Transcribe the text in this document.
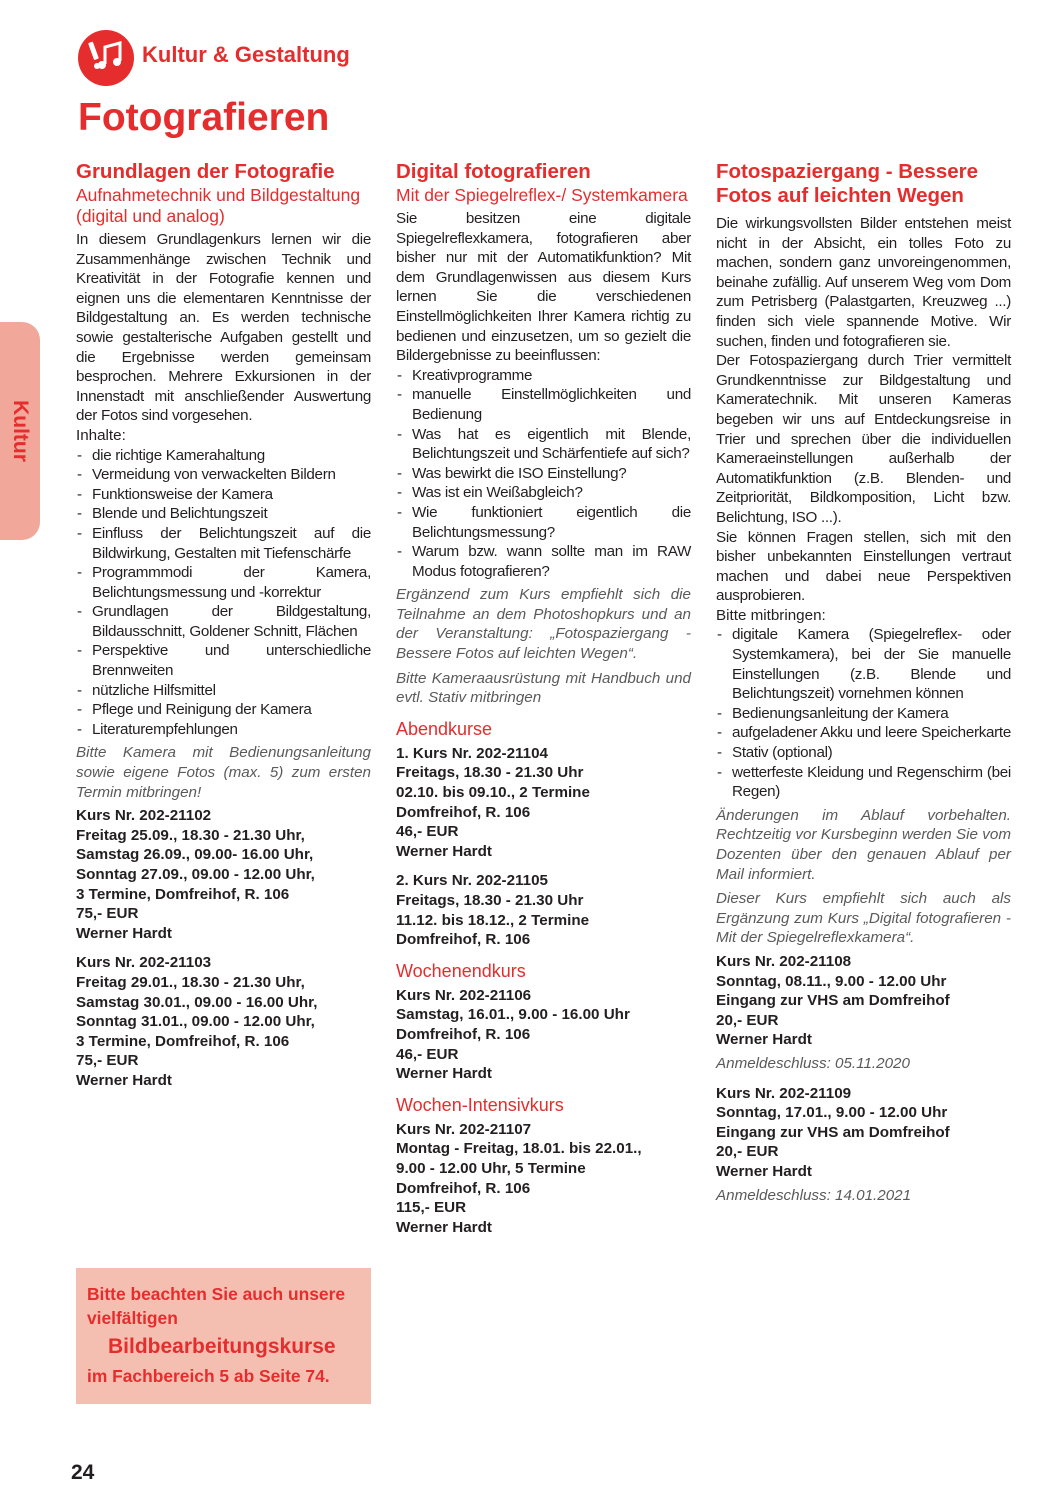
Kultur & Gestaltung
Fotografieren
Kultur
Grundlagen der Fotografie
Aufnahmetechnik und Bildgestaltung (digital und analog)

In diesem Grundlagenkurs lernen wir die Zusammenhänge zwischen Technik und Kreativität in der Fotografie kennen und eignen uns die elementaren Kenntnisse der Bildgestaltung an. Es werden technische sowie gestalterische Aufgaben gestellt und die Ergebnisse werden gemeinsam besprochen. Mehrere Exkursionen in der Innenstadt mit anschließender Auswertung der Fotos sind vorgesehen.

Inhalte:

- die richtige Kamerahaltung
- Vermeidung von verwackelten Bildern
- Funktionsweise der Kamera
- Blende und Belichtungszeit
- Einfluss der Belichtungszeit auf die Bildwirkung, Gestalten mit Tiefenschärfe
- Programmmodi der Kamera, Belichtungsmessung und -korrektur
- Grundlagen der Bildgestaltung, Bildausschnitt, Goldener Schnitt, Flächen
- Perspektive und unterschiedliche Brennweiten
- nützliche Hilfsmittel
- Pflege und Reinigung der Kamera
- Literaturempfehlungen

Bitte Kamera mit Bedienungsanleitung sowie eigene Fotos (max. 5) zum ersten Termin mitbringen!

Kurs Nr. 202-21102
Freitag 25.09., 18.30 - 21.30 Uhr,
Samstag 26.09., 09.00- 16.00 Uhr,
Sonntag 27.09., 09.00 - 12.00 Uhr,
3 Termine, Domfreihof, R. 106
75,- EUR
Werner Hardt
Kurs Nr. 202-21103
Freitag 29.01., 18.30 - 21.30 Uhr,
Samstag 30.01., 09.00 - 16.00 Uhr,
Sonntag 31.01., 09.00 - 12.00 Uhr,
3 Termine, Domfreihof, R. 106
75,- EUR
Werner Hardt
Bitte beachten Sie auch unsere vielfältigen
Bildbearbeitungskurse
im Fachbereich 5 ab Seite 74.
Digital fotografieren
Mit der Spiegelreflex-/ Systemkamera

Sie besitzen eine digitale Spiegelreflexkamera, fotografieren aber bisher nur mit der Automatikfunktion? Mit dem Grundlagenwissen aus diesem Kurs lernen Sie die verschiedenen Einstellmöglichkeiten Ihrer Kamera richtig zu bedienen und einzusetzen, um so gezielt die Bildergebnisse zu beeinflussen:

- Kreativprogramme
- manuelle Einstellmöglichkeiten und Bedienung
- Was hat es eigentlich mit Blende, Belichtungszeit und Schärfentiefe auf sich?
- Was bewirkt die ISO Einstellung?
- Was ist ein Weißabgleich?
- Wie funktioniert eigentlich die Belichtungsmessung?
- Warum bzw. wann sollte man im RAW Modus fotografieren?

Ergänzend zum Kurs empfiehlt sich die Teilnahme an dem Photoshopkurs und an der Veranstaltung: „Fotospaziergang - Bessere Fotos auf leichten Wegen“.

Bitte Kameraausrüstung mit Handbuch und evtl. Stativ mitbringen

Abendkurse
1. Kurs Nr. 202-21104
Freitags, 18.30 - 21.30 Uhr
02.10. bis 09.10., 2 Termine
Domfreihof, R. 106
46,- EUR
Werner Hardt
2. Kurs Nr. 202-21105
Freitags, 18.30 - 21.30 Uhr
11.12. bis 18.12., 2 Termine
Domfreihof, R. 106
Wochenendkurs
Kurs Nr. 202-21106
Samstag, 16.01., 9.00 - 16.00 Uhr
Domfreihof, R. 106
46,- EUR
Werner Hardt
Wochen-Intensivkurs
Kurs Nr. 202-21107
Montag - Freitag, 18.01. bis 22.01.,
9.00 - 12.00 Uhr, 5 Termine
Domfreihof, R. 106
115,- EUR
Werner Hardt
Fotospaziergang - Bessere Fotos auf leichten Wegen

Die wirkungsvollsten Bilder entstehen meist nicht in der Absicht, ein tolles Foto zu machen, sondern ganz unvoreingenommen, beinahe zufällig. Auf unserem Weg vom Dom zum Petrisberg (Palastgarten, Kreuzweg ...) finden sich viele spannende Motive. Wir suchen, finden und fotografieren sie.

Der Fotospaziergang durch Trier vermittelt Grundkenntnisse zur Bildgestaltung und Kameratechnik. Mit unseren Kameras begeben wir uns auf Entdeckungsreise in Trier und sprechen über die individuellen Kameraeinstellungen außerhalb der Automatikfunktion (z.B. Blenden- und Zeitpriorität, Bildkomposition, Licht bzw. Belichtung, ISO ...).

Sie können Fragen stellen, sich mit den bisher unbekannten Einstellungen vertraut machen und dabei neue Perspektiven ausprobieren.

Bitte mitbringen:

- digitale Kamera (Spiegelreflex- oder Systemkamera), bei der Sie manuelle Einstellungen (z.B. Blende und Belichtungszeit) vornehmen können
- Bedienungsanleitung der Kamera
- aufgeladener Akku und leere Speicherkarte
- Stativ (optional)
- wetterfeste Kleidung und Regenschirm (bei Regen)

Änderungen im Ablauf vorbehalten. Rechtzeitig vor Kursbeginn werden Sie vom Dozenten über den genauen Ablauf per Mail informiert.

Dieser Kurs empfiehlt sich auch als Ergänzung zum Kurs „Digital fotografieren - Mit der Spiegelreflexkamera“.

Kurs Nr. 202-21108
Sonntag, 08.11., 9.00 - 12.00 Uhr
Eingang zur VHS am Domfreihof
20,- EUR
Werner Hardt
Anmeldeschluss: 05.11.2020
Kurs Nr. 202-21109
Sonntag, 17.01., 9.00 - 12.00 Uhr
Eingang zur VHS am Domfreihof
20,- EUR
Werner Hardt
Anmeldeschluss: 14.01.2021
24
